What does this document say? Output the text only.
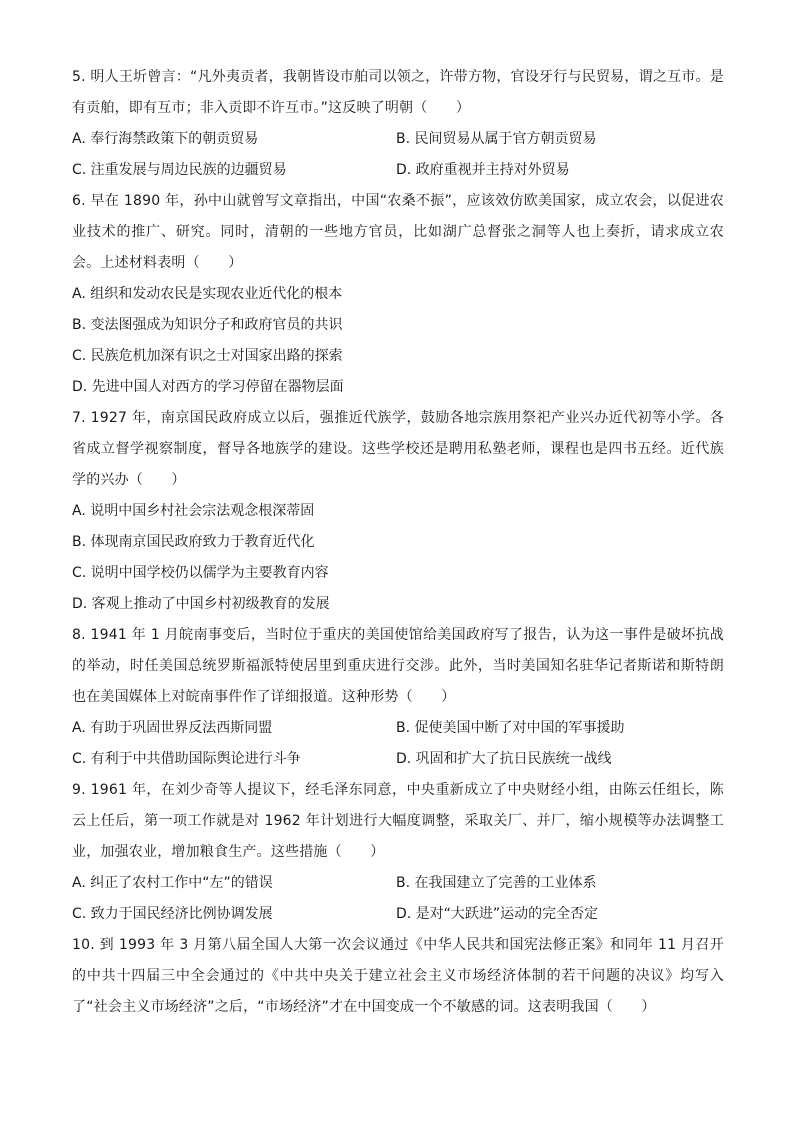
5. 明人王圻曾言：“凡外夷贡者，我朝皆设市舶司以领之，许带方物，官设牙行与民贸易，谓之互市。是有贡舶，即有互市；非入贡即不许互市。”这反映了明朝（　　）

A. 奉行海禁政策下的朝贡贸易	B. 民间贸易从属于官方朝贡贸易
C. 注重发展与周边民族的边疆贸易	D. 政府重视并主持对外贸易

6. 早在 1890 年，孙中山就曾写文章指出，中国“农桑不振”，应该效仿欧美国家，成立农会，以促进农业技术的推广、研究。同时，清朝的一些地方官员，比如湖广总督张之洞等人也上奏折，请求成立农会。上述材料表明（　　）

A. 组织和发动农民是实现农业近代化的根本
B. 变法图强成为知识分子和政府官员的共识
C. 民族危机加深有识之士对国家出路的探索
D. 先进中国人对西方的学习停留在器物层面

7. 1927 年，南京国民政府成立以后，强推近代族学，鼓励各地宗族用祭祀产业兴办近代初等小学。各省成立督学视察制度，督导各地族学的建设。这些学校还是聘用私塾老师，课程也是四书五经。近代族学的兴办（　　）

A. 说明中国乡村社会宗法观念根深蒂固
B. 体现南京国民政府致力于教育近代化
C. 说明中国学校仍以儒学为主要教育内容
D. 客观上推动了中国乡村初级教育的发展

8. 1941 年 1 月皖南事变后，当时位于重庆的美国使馆给美国政府写了报告，认为这一事件是破坏抗战的举动，时任美国总统罗斯福派特使居里到重庆进行交涉。此外，当时美国知名驻华记者斯诺和斯特朗也在美国媒体上对皖南事件作了详细报道。这种形势（　　）

A. 有助于巩固世界反法西斯同盟	B. 促使美国中断了对中国的军事援助
C. 有利于中共借助国际舆论进行斗争	D. 巩固和扩大了抗日民族统一战线

9. 1961 年，在刘少奇等人提议下，经毛泽东同意，中央重新成立了中央财经小组，由陈云任组长，陈云上任后，第一项工作就是对 1962 年计划进行大幅度调整，采取关厂、并厂，缩小规模等办法调整工业，加强农业，增加粮食生产。这些措施（　　）

A. 纠正了农村工作中“左”的错误	B. 在我国建立了完善的工业体系
C. 致力于国民经济比例协调发展	D. 是对“大跃进”运动的完全否定

10. 到 1993 年 3 月第八届全国人大第一次会议通过《中华人民共和国宪法修正案》和同年 11 月召开的中共十四届三中全会通过的《中共中央关于建立社会主义市场经济体制的若干问题的决议》均写入了“社会主义市场经济”之后，“市场经济”才在中国变成一个不敏感的词。这表明我国（　　）
